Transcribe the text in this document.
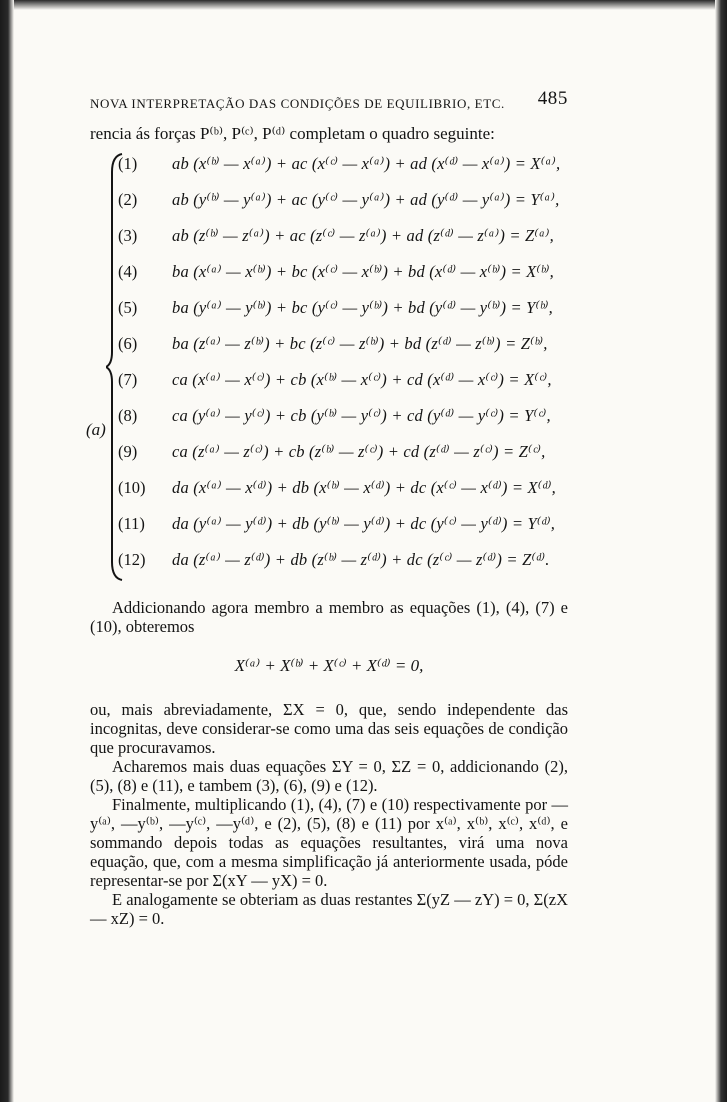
NOVA INTERPRETAÇÃO DAS CONDIÇÕES DE EQUILIBRIO, ETC. 485
rencia ás forças P⁽ᵇ⁾, P⁽ᶜ⁾, P⁽ᵈ⁾ completam o quadro seguinte:
(a)
(1) ab (x⁽ᵇ⁾ — x⁽ᵃ⁾) + ac (x⁽ᶜ⁾ — x⁽ᵃ⁾) + ad (x⁽ᵈ⁾ — x⁽ᵃ⁾) = X⁽ᵃ⁾,
(2) ab (y⁽ᵇ⁾ — y⁽ᵃ⁾) + ac (y⁽ᶜ⁾ — y⁽ᵃ⁾) + ad (y⁽ᵈ⁾ — y⁽ᵃ⁾) = Y⁽ᵃ⁾,
(3) ab (z⁽ᵇ⁾ — z⁽ᵃ⁾) + ac (z⁽ᶜ⁾ — z⁽ᵃ⁾) + ad (z⁽ᵈ⁾ — z⁽ᵃ⁾) = Z⁽ᵃ⁾,
(4) ba (x⁽ᵃ⁾ — x⁽ᵇ⁾) + bc (x⁽ᶜ⁾ — x⁽ᵇ⁾) + bd (x⁽ᵈ⁾ — x⁽ᵇ⁾) = X⁽ᵇ⁾,
(5) ba (y⁽ᵃ⁾ — y⁽ᵇ⁾) + bc (y⁽ᶜ⁾ — y⁽ᵇ⁾) + bd (y⁽ᵈ⁾ — y⁽ᵇ⁾) = Y⁽ᵇ⁾,
(6) ba (z⁽ᵃ⁾ — z⁽ᵇ⁾) + bc (z⁽ᶜ⁾ — z⁽ᵇ⁾) + bd (z⁽ᵈ⁾ — z⁽ᵇ⁾) = Z⁽ᵇ⁾,
(7) ca (x⁽ᵃ⁾ — x⁽ᶜ⁾) + cb (x⁽ᵇ⁾ — x⁽ᶜ⁾) + cd (x⁽ᵈ⁾ — x⁽ᶜ⁾) = X⁽ᶜ⁾,
(8) ca (y⁽ᵃ⁾ — y⁽ᶜ⁾) + cb (y⁽ᵇ⁾ — y⁽ᶜ⁾) + cd (y⁽ᵈ⁾ — y⁽ᶜ⁾) = Y⁽ᶜ⁾,
(9) ca (z⁽ᵃ⁾ — z⁽ᶜ⁾) + cb (z⁽ᵇ⁾ — z⁽ᶜ⁾) + cd (z⁽ᵈ⁾ — z⁽ᶜ⁾) = Z⁽ᶜ⁾,
(10) da (x⁽ᵃ⁾ — x⁽ᵈ⁾) + db (x⁽ᵇ⁾ — x⁽ᵈ⁾) + dc (x⁽ᶜ⁾ — x⁽ᵈ⁾) = X⁽ᵈ⁾,
(11) da (y⁽ᵃ⁾ — y⁽ᵈ⁾) + db (y⁽ᵇ⁾ — y⁽ᵈ⁾) + dc (y⁽ᶜ⁾ — y⁽ᵈ⁾) = Y⁽ᵈ⁾,
(12) da (z⁽ᵃ⁾ — z⁽ᵈ⁾) + db (z⁽ᵇ⁾ — z⁽ᵈ⁾) + dc (z⁽ᶜ⁾ — z⁽ᵈ⁾) = Z⁽ᵈ⁾.

Addicionando agora membro a membro as equações (1), (4), (7) e (10), obteremos

X⁽ᵃ⁾ + X⁽ᵇ⁾ + X⁽ᶜ⁾ + X⁽ᵈ⁾ = 0,

ou, mais abreviadamente, ΣX = 0, que, sendo independente das incognitas, deve considerar-se como uma das seis equações de condição que procuravamos.

Acharemos mais duas equações ΣY = 0, ΣZ = 0, addicionando (2), (5), (8) e (11), e tambem (3), (6), (9) e (12).

Finalmente, multiplicando (1), (4), (7) e (10) respectivamente por —y⁽ᵃ⁾, —y⁽ᵇ⁾, —y⁽ᶜ⁾, —y⁽ᵈ⁾, e (2), (5), (8) e (11) por x⁽ᵃ⁾, x⁽ᵇ⁾, x⁽ᶜ⁾, x⁽ᵈ⁾, e sommando depois todas as equações resultantes, virá uma nova equação, que, com a mesma simplificação já anteriormente usada, póde representar-se por Σ(xY — yX) = 0.

E analogamente se obteriam as duas restantes Σ(yZ — zY) = 0, Σ(zX — xZ) = 0.
